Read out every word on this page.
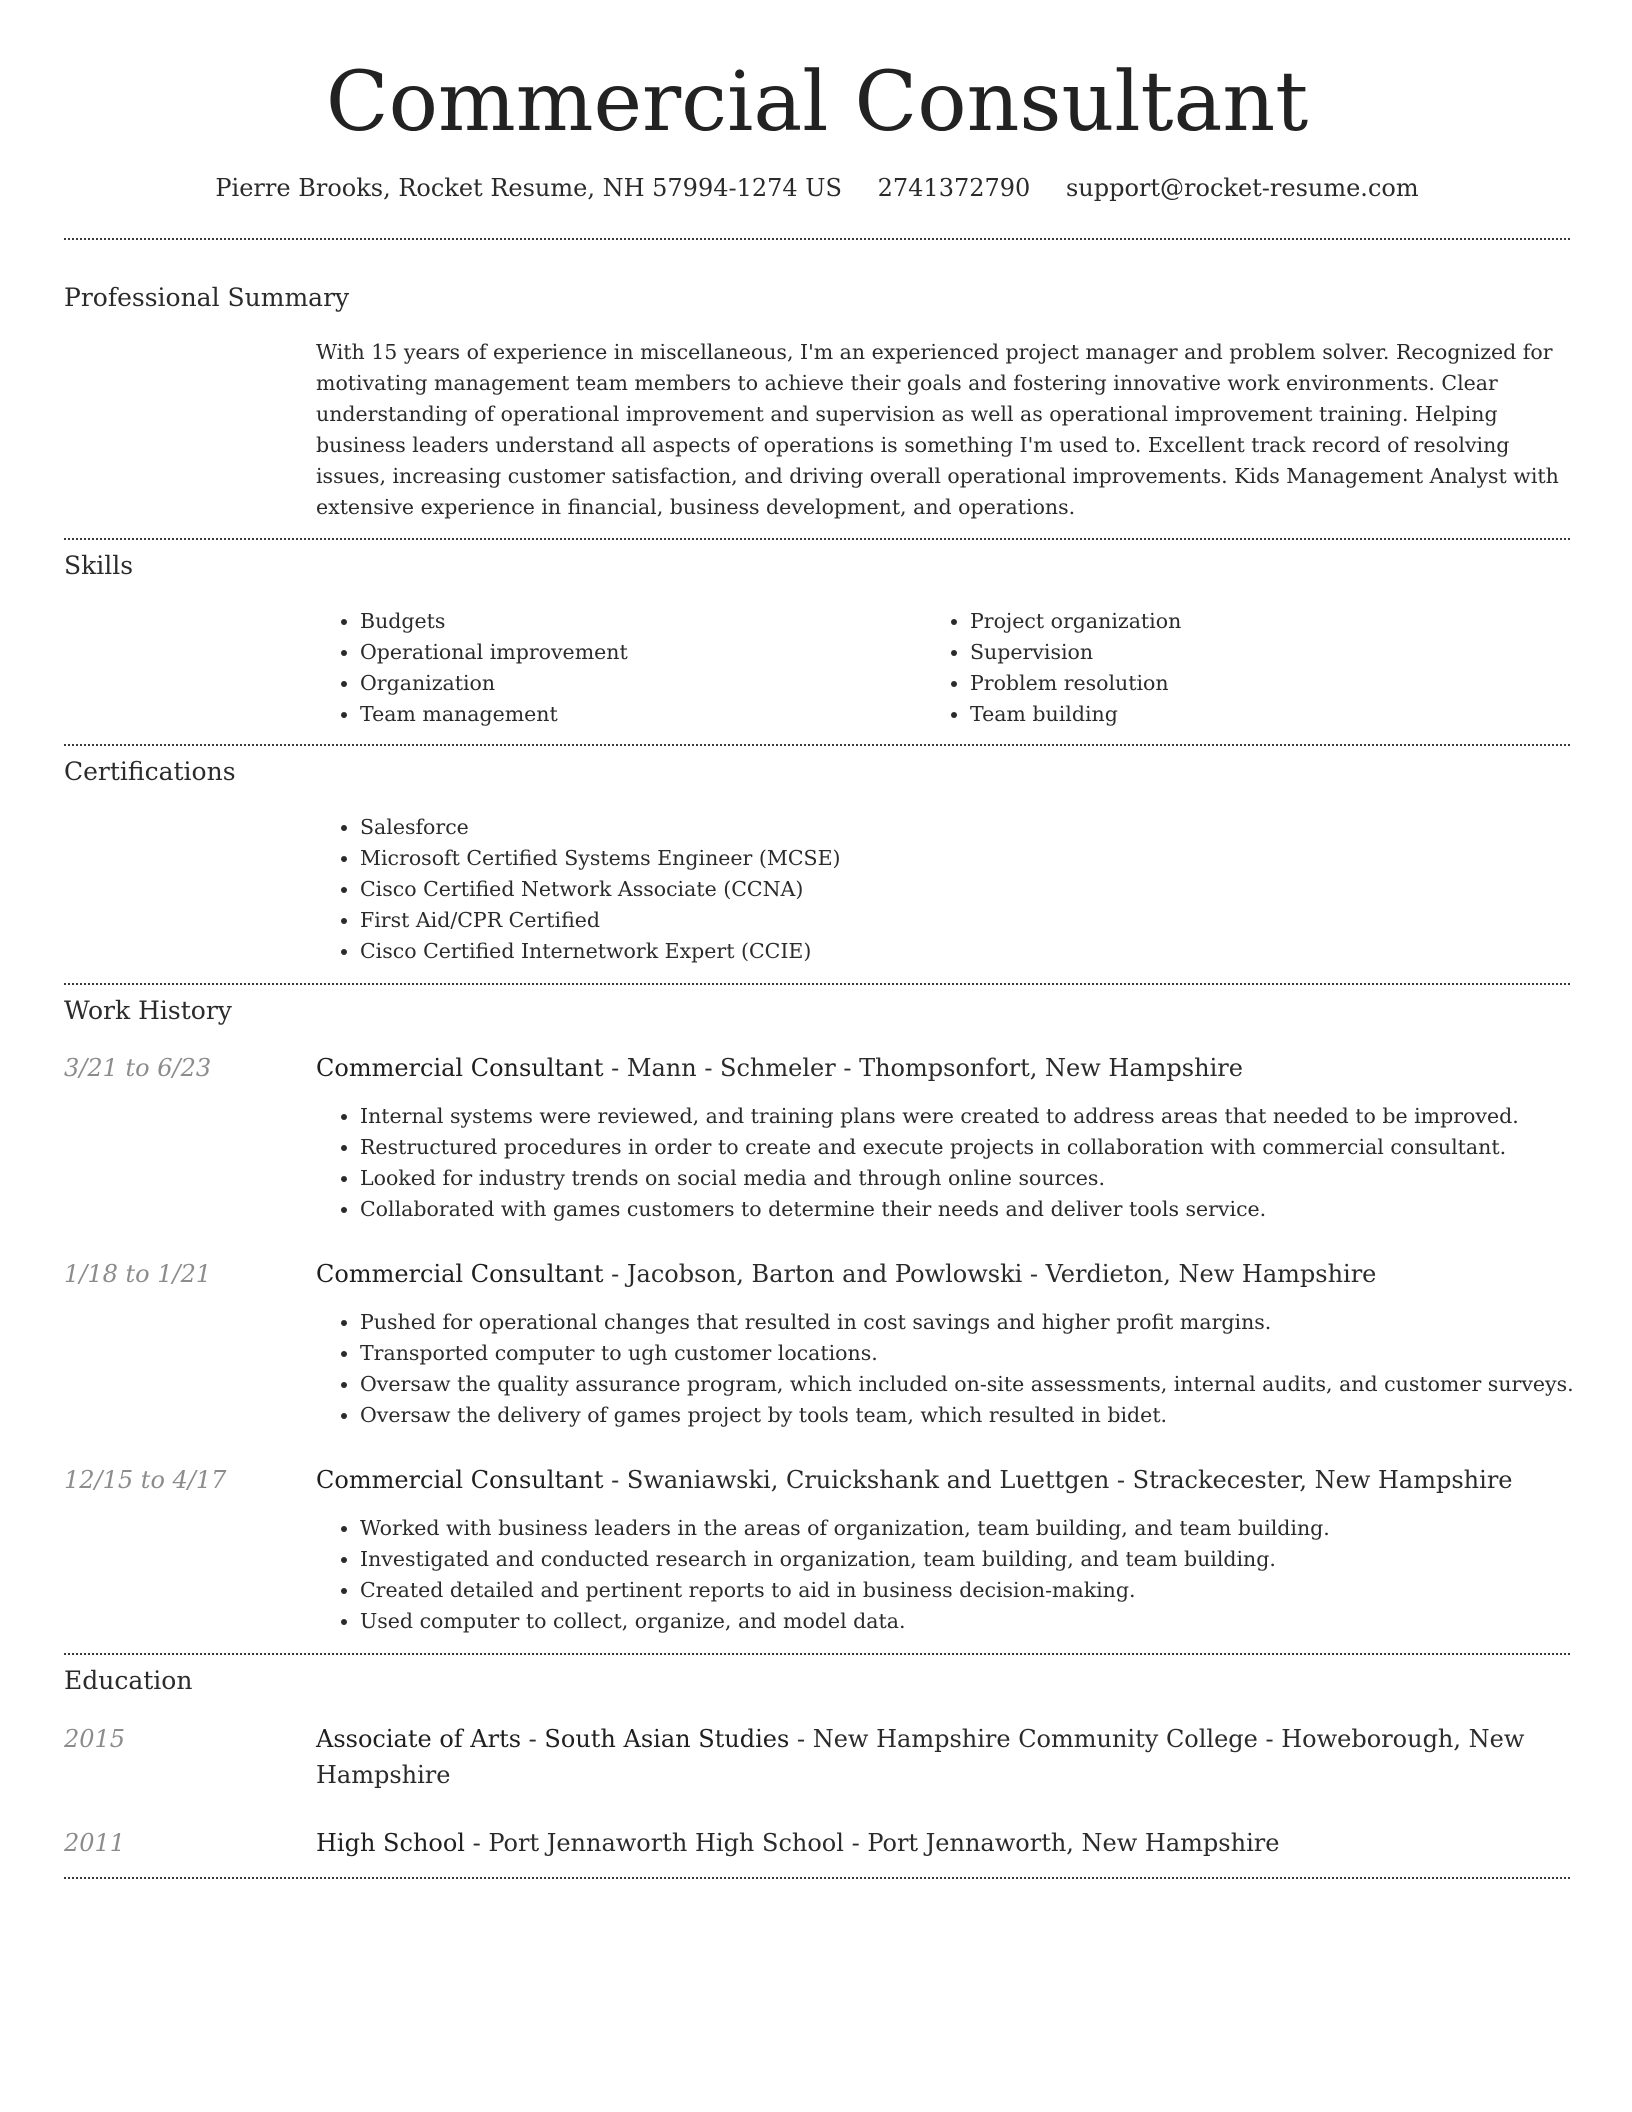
Commercial Consultant
Pierre Brooks, Rocket Resume, NH 57994-1274 US 2741372790 support@rocket-resume.com
Professional Summary
With 15 years of experience in miscellaneous, I'm an experienced project manager and problem solver. Recognized for motivating management team members to achieve their goals and fostering innovative work environments. Clear understanding of operational improvement and supervision as well as operational improvement training. Helping business leaders understand all aspects of operations is something I'm used to. Excellent track record of resolving issues, increasing customer satisfaction, and driving overall operational improvements. Kids Management Analyst with extensive experience in financial, business development, and operations.
Skills
• Budgets
• Operational improvement
• Organization
• Team management
• Project organization
• Supervision
• Problem resolution
• Team building
Certifications
• Salesforce
• Microsoft Certified Systems Engineer (MCSE)
• Cisco Certified Network Associate (CCNA)
• First Aid/CPR Certified
• Cisco Certified Internetwork Expert (CCIE)
Work History
3/21 to 6/23	Commercial Consultant - Mann - Schmeler - Thompsonfort, New Hampshire
• Internal systems were reviewed, and training plans were created to address areas that needed to be improved.
• Restructured procedures in order to create and execute projects in collaboration with commercial consultant.
• Looked for industry trends on social media and through online sources.
• Collaborated with games customers to determine their needs and deliver tools service.
1/18 to 1/21	Commercial Consultant - Jacobson, Barton and Powlowski - Verdieton, New Hampshire
• Pushed for operational changes that resulted in cost savings and higher profit margins.
• Transported computer to ugh customer locations.
• Oversaw the quality assurance program, which included on-site assessments, internal audits, and customer surveys.
• Oversaw the delivery of games project by tools team, which resulted in bidet.
12/15 to 4/17	Commercial Consultant - Swaniawski, Cruickshank and Luettgen - Strackecester, New Hampshire
• Worked with business leaders in the areas of organization, team building, and team building.
• Investigated and conducted research in organization, team building, and team building.
• Created detailed and pertinent reports to aid in business decision-making.
• Used computer to collect, organize, and model data.
Education
2015	Associate of Arts - South Asian Studies - New Hampshire Community College - Howeborough, New Hampshire
2011	High School - Port Jennaworth High School - Port Jennaworth, New Hampshire
